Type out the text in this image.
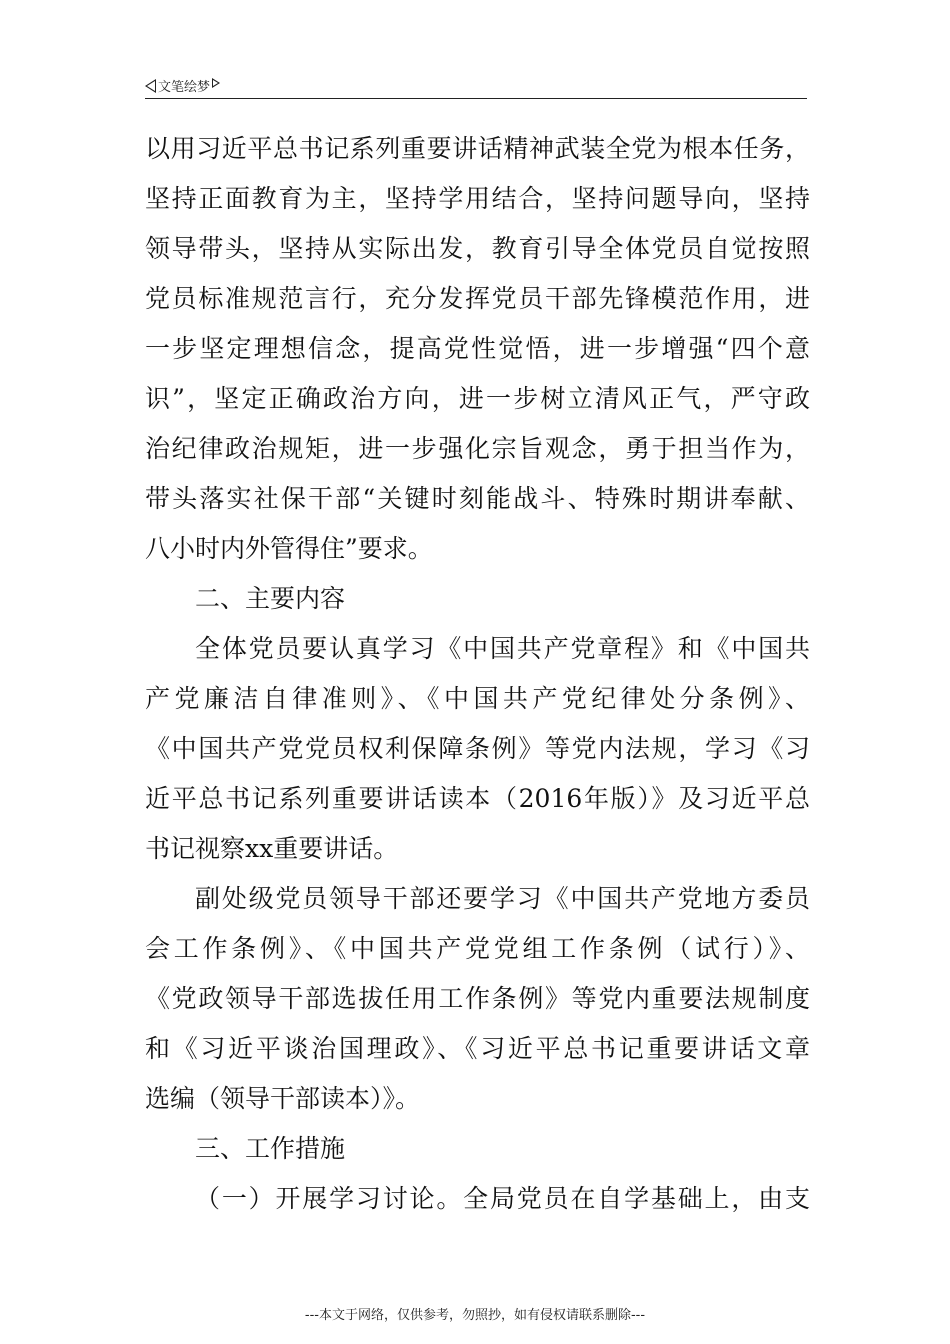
文笔绘梦
以用习近平总书记系列重要讲话精神武装全党为根本任务，
坚持正面教育为主，坚持学用结合，坚持问题导向，坚持
领导带头，坚持从实际出发，教育引导全体党员自觉按照
党员标准规范言行，充分发挥党员干部先锋模范作用，进
一步坚定理想信念，提高党性觉悟，进一步增强“四个意
识”，坚定正确政治方向，进一步树立清风正气，严守政
治纪律政治规矩，进一步强化宗旨观念，勇于担当作为，
带头落实社保干部“关键时刻能战斗、特殊时期讲奉献、
八小时内外管得住”要求。
二、主要内容
全体党员要认真学习《中国共产党章程》和《中国共
产党廉洁自律准则》、《中国共产党纪律处分条例》、
《中国共产党党员权利保障条例》等党内法规，学习《习
近平总书记系列重要讲话读本（2016年版）》及习近平总
书记视察xx重要讲话。
副处级党员领导干部还要学习《中国共产党地方委员
会工作条例》、《中国共产党党组工作条例（试行）》、
《党政领导干部选拔任用工作条例》等党内重要法规制度
和《习近平谈治国理政》、《习近平总书记重要讲话文章
选编（领导干部读本）》。
三、工作措施
（一）开展学习讨论。全局党员在自学基础上，由支
---本文于网络，仅供参考，勿照抄，如有侵权请联系删除---
